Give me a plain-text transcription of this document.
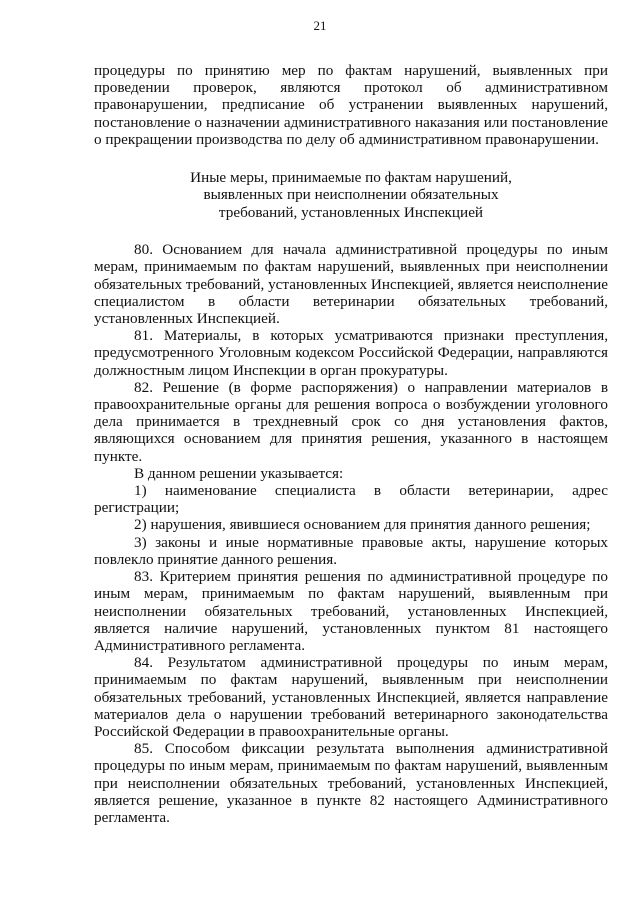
21

процедуры по принятию мер по фактам нарушений, выявленных при проведении проверок, являются протокол об административном правонарушении, предписание об устранении выявленных нарушений, постановление о назначении административного наказания или постановление о прекращении производства по делу об административном правонарушении.

Иные меры, принимаемые по фактам нарушений,
выявленных при неисполнении обязательных
требований, установленных Инспекцией

80. Основанием для начала административной процедуры по иным мерам, принимаемым по фактам нарушений, выявленных при неисполнении обязательных требований, установленных Инспекцией, является неисполнение специалистом в области ветеринарии обязательных требований, установленных Инспекцией.

81. Материалы, в которых усматриваются признаки преступления, предусмотренного Уголовным кодексом Российской Федерации, направляются должностным лицом Инспекции в орган прокуратуры.

82. Решение (в форме распоряжения) о направлении материалов в правоохранительные органы для решения вопроса о возбуждении уголовного дела принимается в трехдневный срок со дня установления фактов, являющихся основанием для принятия решения, указанного в настоящем пункте.

В данном решении указывается:

1) наименование специалиста в области ветеринарии, адрес регистрации;

2) нарушения, явившиеся основанием для принятия данного решения;

3) законы и иные нормативные правовые акты, нарушение которых повлекло принятие данного решения.

83. Критерием принятия решения по административной процедуре по иным мерам, принимаемым по фактам нарушений, выявленным при неисполнении обязательных требований, установленных Инспекцией, является наличие нарушений, установленных пунктом 81 настоящего Административного регламента.

84. Результатом административной процедуры по иным мерам, принимаемым по фактам нарушений, выявленным при неисполнении обязательных требований, установленных Инспекцией, является направление материалов дела о нарушении требований ветеринарного законодательства Российской Федерации в правоохранительные органы.

85. Способом фиксации результата выполнения административной процедуры по иным мерам, принимаемым по фактам нарушений, выявленным при неисполнении обязательных требований, установленных Инспекцией, является решение, указанное в пункте 82 настоящего Административного регламента.
